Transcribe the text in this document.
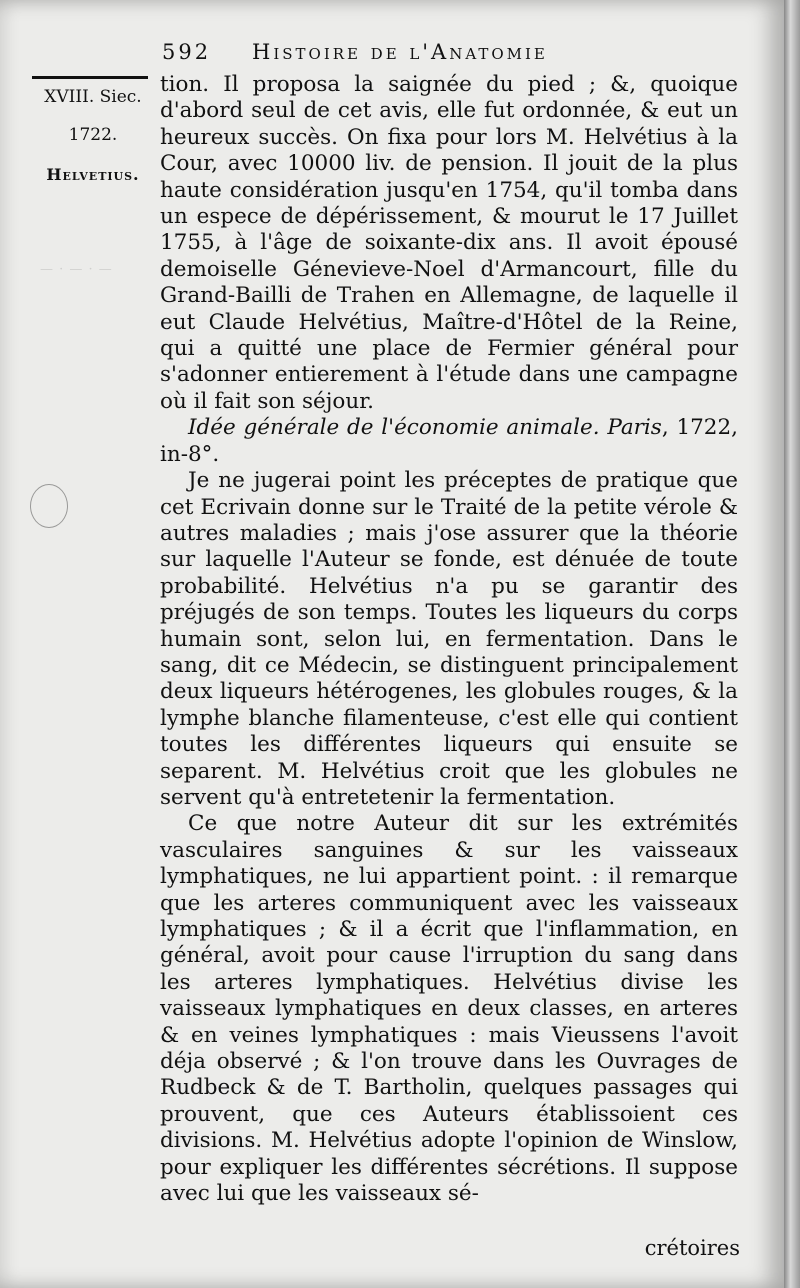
— · — · —
592 Histoire de l'Anatomie
XVIII. Siec.
1722.
Helvetius.

tion. Il proposa la saignée du pied ; &, quoique d'abord seul de cet avis, elle fut ordonnée, & eut un heureux succès. On fixa pour lors M. Helvétius à la Cour, avec 10000 liv. de pension. Il jouit de la plus haute considération jusqu'en 1754, qu'il tomba dans un espece de dépérissement, & mourut le 17 Juillet 1755, à l'âge de soixante-dix ans. Il avoit épousé demoiselle Génevieve-Noel d'Armancourt, fille du Grand-Bailli de Trahen en Allemagne, de laquelle il eut Claude Helvétius, Maître-d'Hôtel de la Reine, qui a quitté une place de Fermier général pour s'adonner entierement à l'étude dans une campagne où il fait son séjour.

Idée générale de l'économie animale. Paris, 1722, in-8°.

Je ne jugerai point les préceptes de pratique que cet Ecrivain donne sur le Traité de la petite vérole & autres maladies ; mais j'ose assurer que la théorie sur laquelle l'Auteur se fonde, est dénuée de toute probabilité. Helvétius n'a pu se garantir des préjugés de son temps. Toutes les liqueurs du corps humain sont, selon lui, en fermentation. Dans le sang, dit ce Médecin, se distinguent principalement deux liqueurs hétérogenes, les globules rouges, & la lymphe blanche filamenteuse, c'est elle qui contient toutes les différentes liqueurs qui ensuite se separent. M. Helvétius croit que les globules ne servent qu'à entretetenir la fermentation.

Ce que notre Auteur dit sur les extrémités vasculaires sanguines & sur les vaisseaux lymphatiques, ne lui appartient point. : il remarque que les arteres communiquent avec les vaisseaux lymphatiques ; & il a écrit que l'inflammation, en général, avoit pour cause l'irruption du sang dans les arteres lymphatiques. Helvétius divise les vaisseaux lymphatiques en deux classes, en arteres & en veines lymphatiques : mais Vieussens l'avoit déja observé ; & l'on trouve dans les Ouvrages de Rudbeck & de T. Bartholin, quelques passages qui prouvent, que ces Auteurs établissoient ces divisions. M. Helvétius adopte l'opinion de Winslow, pour expliquer les différentes sécrétions. Il suppose avec lui que les vaisseaux sé-

crétoires
